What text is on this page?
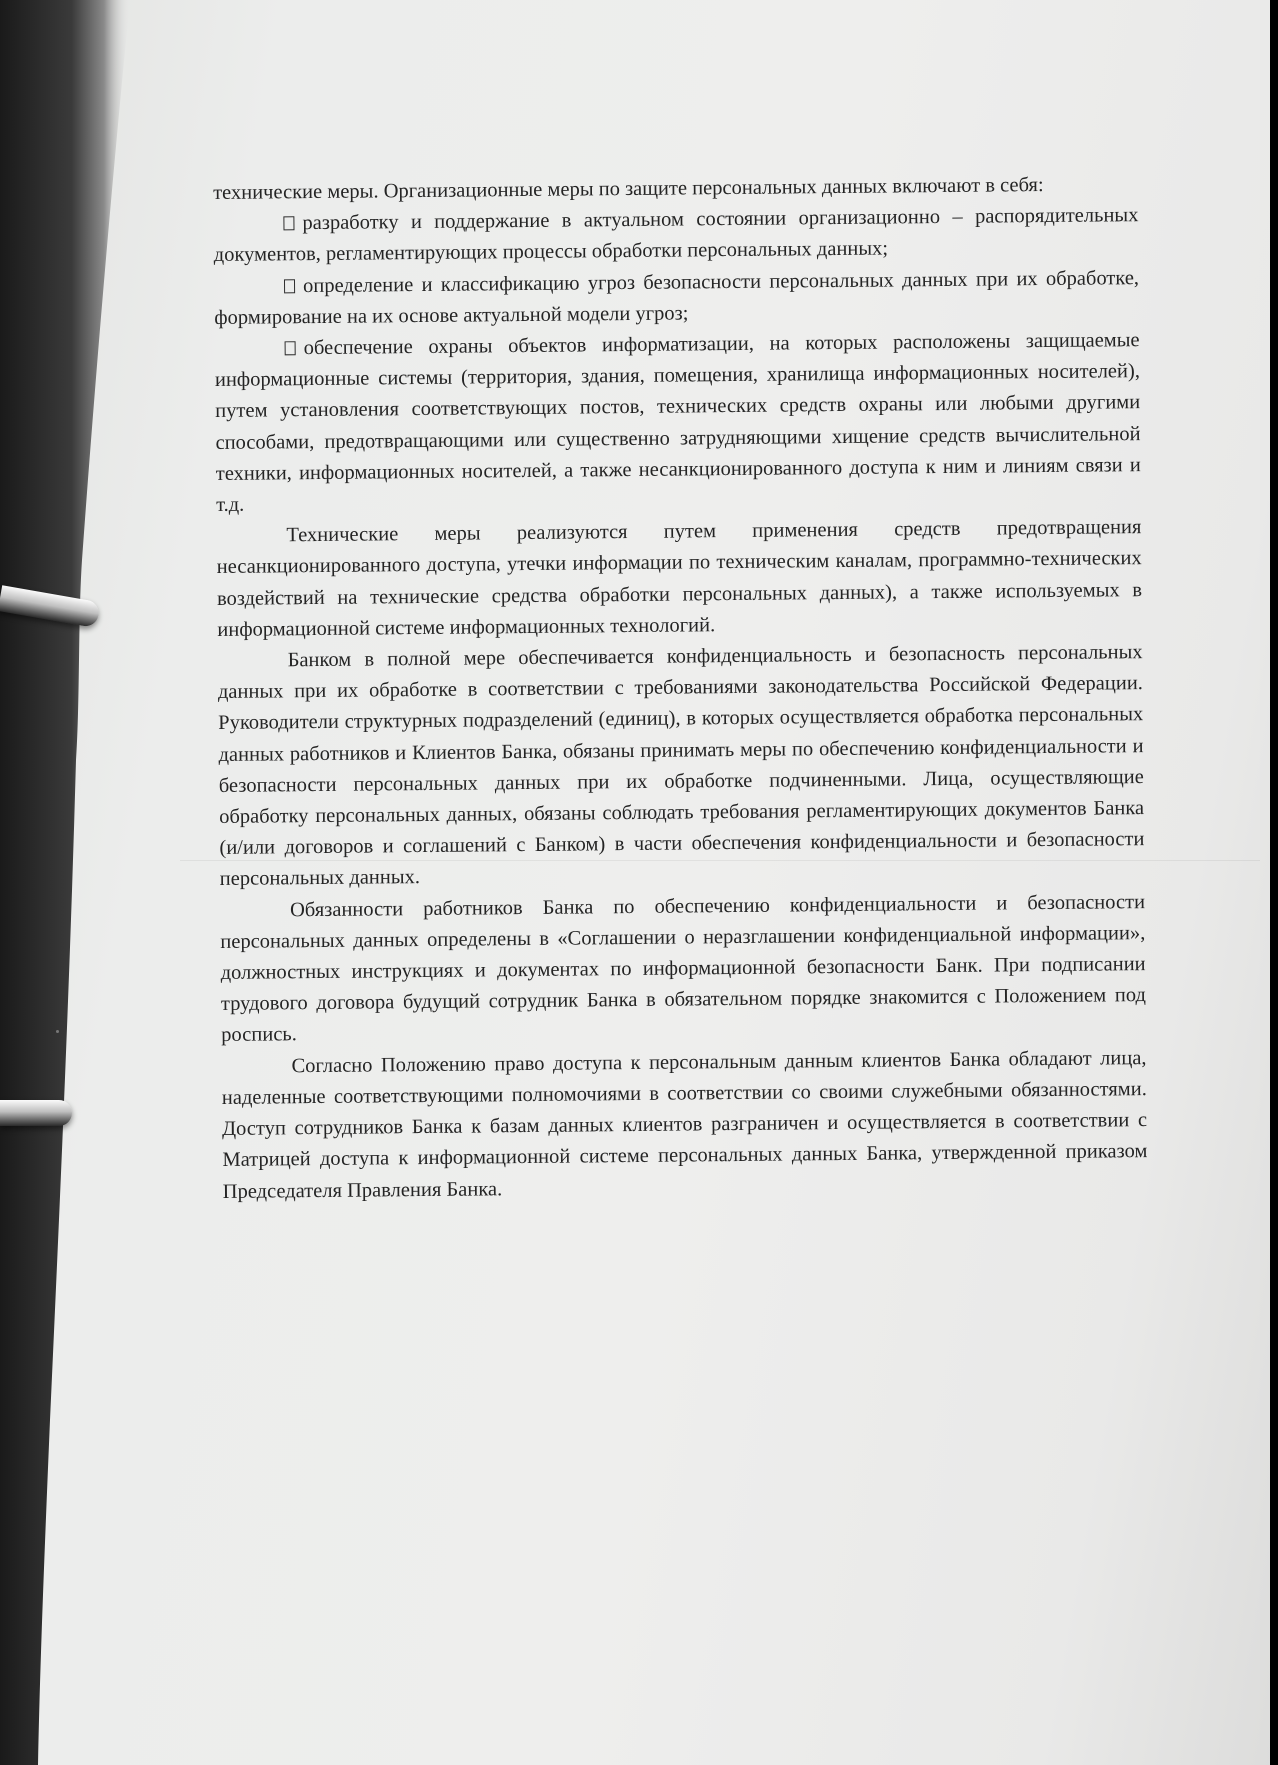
технические меры. Организационные меры по защите персональных данных включают в себя:

разработку и поддержание в актуальном состоянии организационно – распорядительных документов, регламентирующих процессы обработки персональных данных;

определение и классификацию угроз безопасности персональных данных при их обработке, формирование на их основе актуальной модели угроз;

обеспечение охраны объектов информатизации, на которых расположены защищаемые информационные системы (территория, здания, помещения, хранилища информационных носителей), путем установления соответствующих постов, технических средств охраны или любыми другими способами, предотвращающими или существенно затрудняющими хищение средств вычислительной техники, информационных носителей, а также несанкционированного доступа к ним и линиям связи и т.д.

Технические меры реализуются путем применения средств предотвращения несанкционированного доступа, утечки информации по техническим каналам, программно-технических воздействий на технические средства обработки персональных данных), а также используемых в информационной системе информационных технологий.

Банком в полной мере обеспечивается конфиденциальность и безопасность персональных данных при их обработке в соответствии с требованиями законодательства Российской Федерации. Руководители структурных подразделений (единиц), в которых осуществляется обработка персональных данных работников и Клиентов Банка, обязаны принимать меры по обеспечению конфиденциальности и безопасности персональных данных при их обработке подчиненными. Лица, осуществляющие обработку персональных данных, обязаны соблюдать требования регламентирующих документов Банка (и/или договоров и соглашений с Банком) в части обеспечения конфиденциальности и безопасности персональных данных.

Обязанности работников Банка по обеспечению конфиденциальности и безопасности персональных данных определены в «Соглашении о неразглашении конфиденциальной информации», должностных инструкциях и документах по информационной безопасности Банк. При подписании трудового договора будущий сотрудник Банка в обязательном порядке знакомится с Положением под роспись.

Согласно Положению право доступа к персональным данным клиентов Банка обладают лица, наделенные соответствующими полномочиями в соответствии со своими служебными обязанностями. Доступ сотрудников Банка к базам данных клиентов разграничен и осуществляется в соответствии с Матрицей доступа к информационной системе персональных данных Банка, утвержденной приказом Председателя Правления Банка.
